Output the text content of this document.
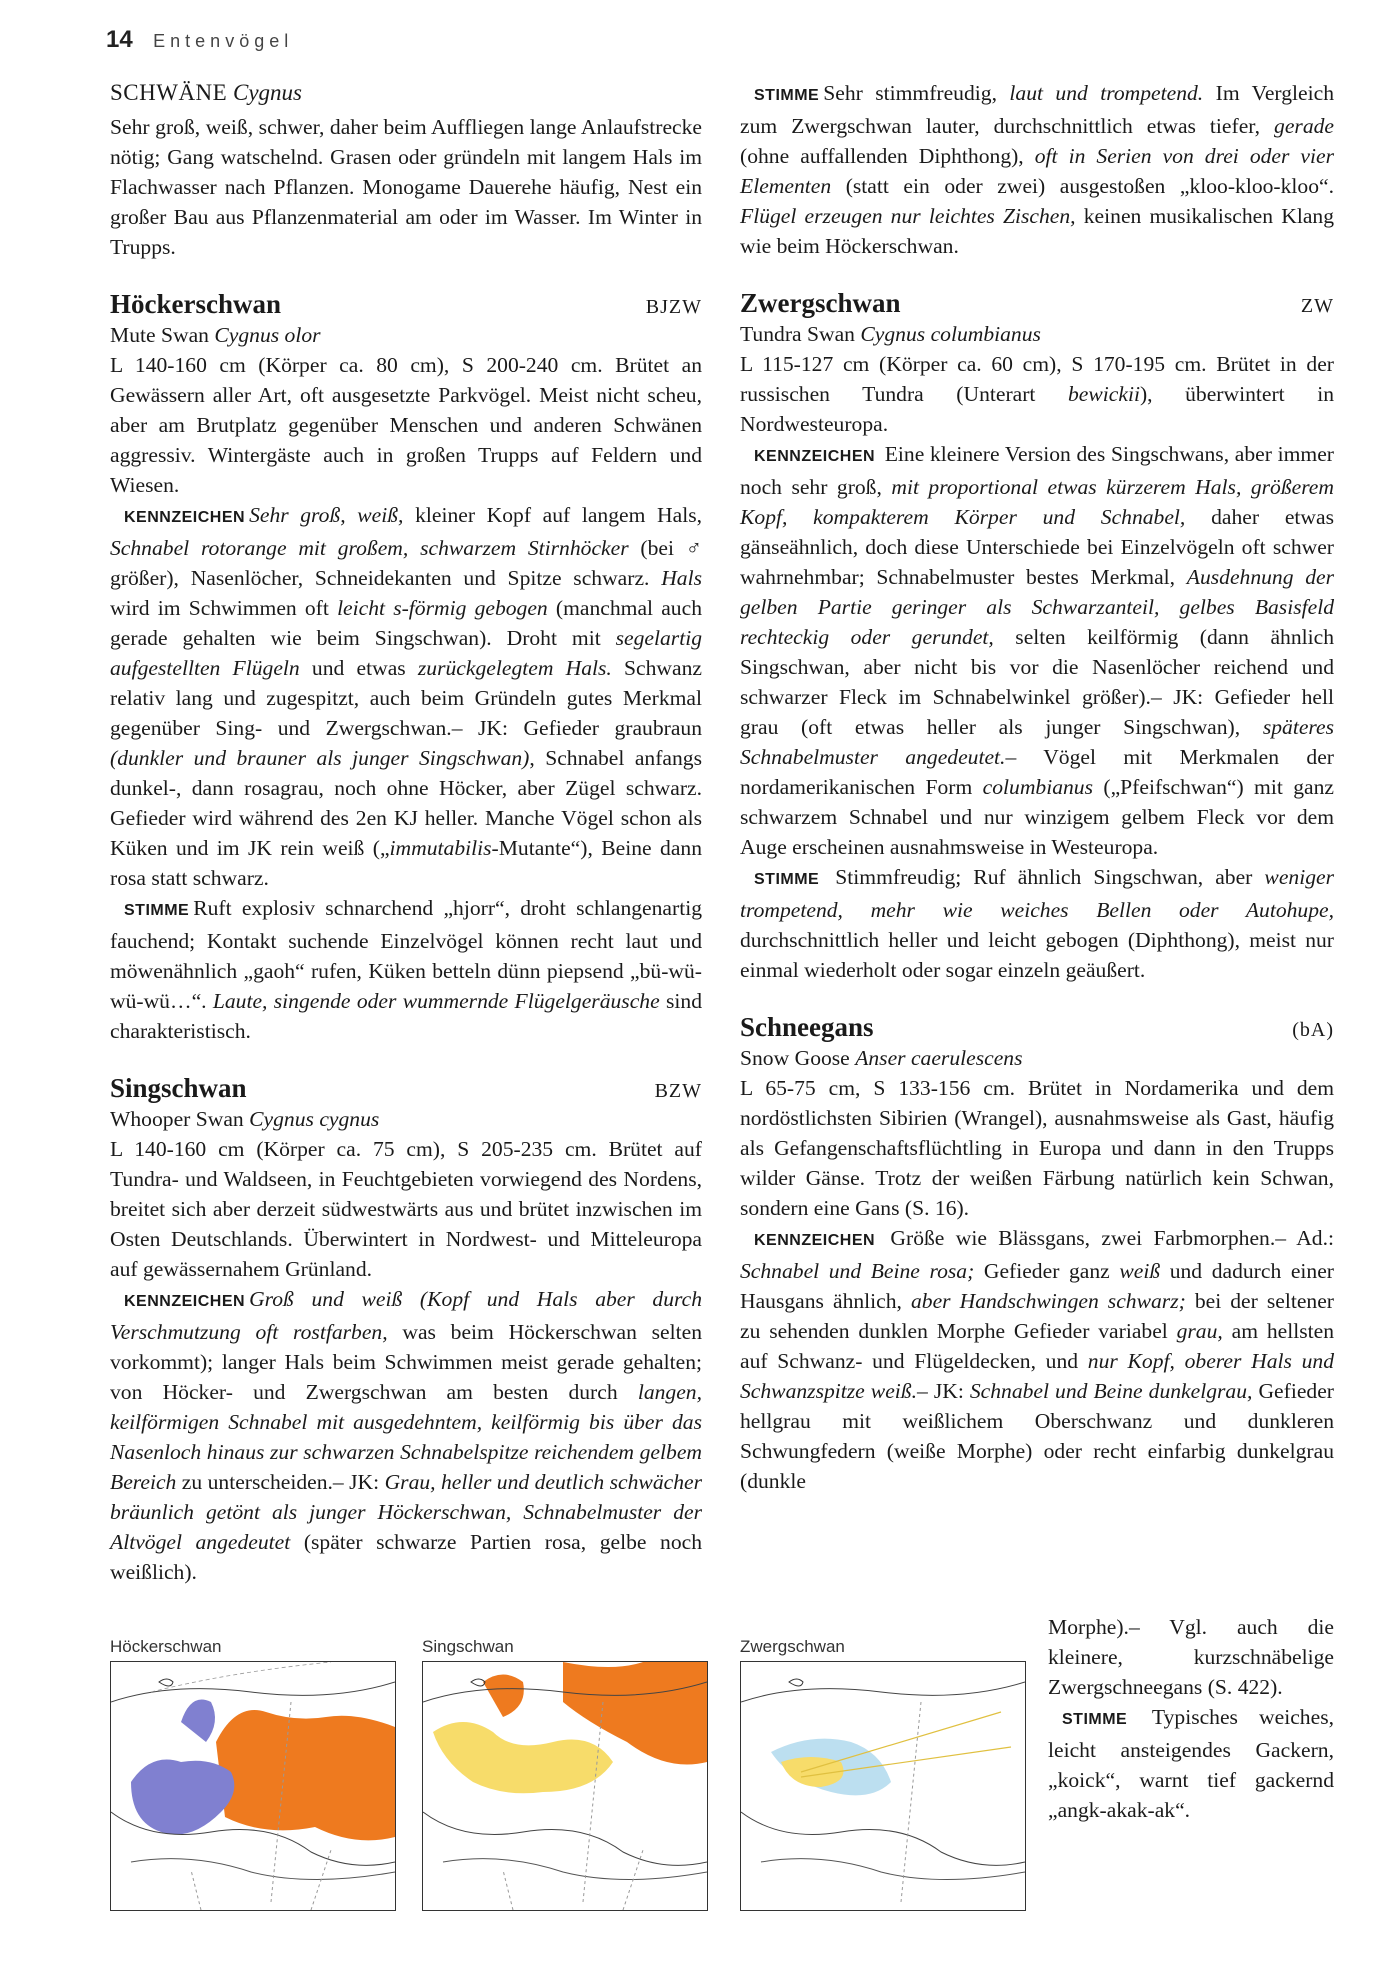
14 Entenvögel
SCHWÄNE Cygnus

Sehr groß, weiß, schwer, daher beim Auffliegen lange Anlaufstrecke nötig; Gang watschelnd. Grasen oder gründeln mit langem Hals im Flachwasser nach Pflanzen. Monogame Dauerehe häufig, Nest ein großer Bau aus Pflanzenmaterial am oder im Wasser. Im Winter in Trupps.

Höckerschwan	BJZW
Mute Swan Cygnus olor

L 140-160 cm (Körper ca. 80 cm), S 200-240 cm. Brütet an Gewässern aller Art, oft ausgesetzte Parkvögel. Meist nicht scheu, aber am Brutplatz gegenüber Menschen und anderen Schwänen aggressiv. Wintergäste auch in großen Trupps auf Feldern und Wiesen.

KENNZEICHEN Sehr groß, weiß, kleiner Kopf auf langem Hals, Schnabel rotorange mit großem, schwarzem Stirnhöcker (bei ♂ größer), Nasenlöcher, Schneidekanten und Spitze schwarz. Hals wird im Schwimmen oft leicht s-förmig gebogen (manchmal auch gerade gehalten wie beim Singschwan). Droht mit segelartig aufgestellten Flügeln und etwas zurückgelegtem Hals. Schwanz relativ lang und zugespitzt, auch beim Gründeln gutes Merkmal gegenüber Sing- und Zwergschwan.– JK: Gefieder graubraun (dunkler und brauner als junger Singschwan), Schnabel anfangs dunkel-, dann rosagrau, noch ohne Höcker, aber Zügel schwarz. Gefieder wird während des 2en KJ heller. Manche Vögel schon als Küken und im JK rein weiß („immutabilis-Mutante“), Beine dann rosa statt schwarz.

STIMME Ruft explosiv schnarchend „hjorr“, droht schlangenartig fauchend; Kontakt suchende Einzelvögel können recht laut und möwenähnlich „gaoh“ rufen, Küken betteln dünn piepsend „bü-wü-wü-wü…“. Laute, singende oder wummernde Flügelgeräusche sind charakteristisch.

Singschwan	BZW
Whooper Swan Cygnus cygnus

L 140-160 cm (Körper ca. 75 cm), S 205-235 cm. Brütet auf Tundra- und Waldseen, in Feuchtgebieten vorwiegend des Nordens, breitet sich aber derzeit südwestwärts aus und brütet inzwischen im Osten Deutschlands. Überwintert in Nordwest- und Mitteleuropa auf gewässernahem Grünland.

KENNZEICHEN Groß und weiß (Kopf und Hals aber durch Verschmutzung oft rostfarben, was beim Höckerschwan selten vorkommt); langer Hals beim Schwimmen meist gerade gehalten; von Höcker- und Zwergschwan am besten durch langen, keilförmigen Schnabel mit ausgedehntem, keilförmig bis über das Nasenloch hinaus zur schwarzen Schnabelspitze reichendem gelbem Bereich zu unterscheiden.– JK: Grau, heller und deutlich schwächer bräunlich getönt als junger Höckerschwan, Schnabelmuster der Altvögel angedeutet (später schwarze Partien rosa, gelbe noch weißlich).

STIMME Sehr stimmfreudig, laut und trompetend. Im Vergleich zum Zwergschwan lauter, durchschnittlich etwas tiefer, gerade (ohne auffallenden Diphthong), oft in Serien von drei oder vier Elementen (statt ein oder zwei) ausgestoßen „kloo-kloo-kloo“. Flügel erzeugen nur leichtes Zischen, keinen musikalischen Klang wie beim Höckerschwan.

Zwergschwan	ZW
Tundra Swan Cygnus columbianus

L 115-127 cm (Körper ca. 60 cm), S 170-195 cm. Brütet in der russischen Tundra (Unterart bewickii), überwintert in Nordwesteuropa.

KENNZEICHEN Eine kleinere Version des Singschwans, aber immer noch sehr groß, mit proportional etwas kürzerem Hals, größerem Kopf, kompakterem Körper und Schnabel, daher etwas gänseähnlich, doch diese Unterschiede bei Einzelvögeln oft schwer wahrnehmbar; Schnabelmuster bestes Merkmal, Ausdehnung der gelben Partie geringer als Schwarzanteil, gelbes Basisfeld rechteckig oder gerundet, selten keilförmig (dann ähnlich Singschwan, aber nicht bis vor die Nasenlöcher reichend und schwarzer Fleck im Schnabelwinkel größer).– JK: Gefieder hell grau (oft etwas heller als junger Singschwan), späteres Schnabelmuster angedeutet.– Vögel mit Merkmalen der nordamerikanischen Form columbianus („Pfeifschwan“) mit ganz schwarzem Schnabel und nur winzigem gelbem Fleck vor dem Auge erscheinen ausnahmsweise in Westeuropa.

STIMME Stimmfreudig; Ruf ähnlich Singschwan, aber weniger trompetend, mehr wie weiches Bellen oder Autohupe, durchschnittlich heller und leicht gebogen (Diphthong), meist nur einmal wiederholt oder sogar einzeln geäußert.

Schneegans	(bA)
Snow Goose Anser caerulescens

L 65-75 cm, S 133-156 cm. Brütet in Nordamerika und dem nordöstlichsten Sibirien (Wrangel), ausnahmsweise als Gast, häufig als Gefangenschaftsflüchtling in Europa und dann in den Trupps wilder Gänse. Trotz der weißen Färbung natürlich kein Schwan, sondern eine Gans (S. 16).

KENNZEICHEN Größe wie Blässgans, zwei Farbmorphen.– Ad.: Schnabel und Beine rosa; Gefieder ganz weiß und dadurch einer Hausgans ähnlich, aber Handschwingen schwarz; bei der seltener zu sehenden dunklen Morphe Gefieder variabel grau, am hellsten auf Schwanz- und Flügeldecken, und nur Kopf, oberer Hals und Schwanzspitze weiß.– JK: Schnabel und Beine dunkelgrau, Gefieder hellgrau mit weißlichem Oberschwanz und dunkleren Schwungfedern (weiße Morphe) oder recht einfarbig dunkelgrau (dunkle

Morphe).– Vgl. auch die kleinere, kurzschnäbelige Zwergschneegans (S. 422).

STIMME Typisches weiches, leicht ansteigendes Gackern, „koick“, warnt tief gackernd „angk-akak-ak“.

Höckerschwan	Singschwan	Zwergschwan
